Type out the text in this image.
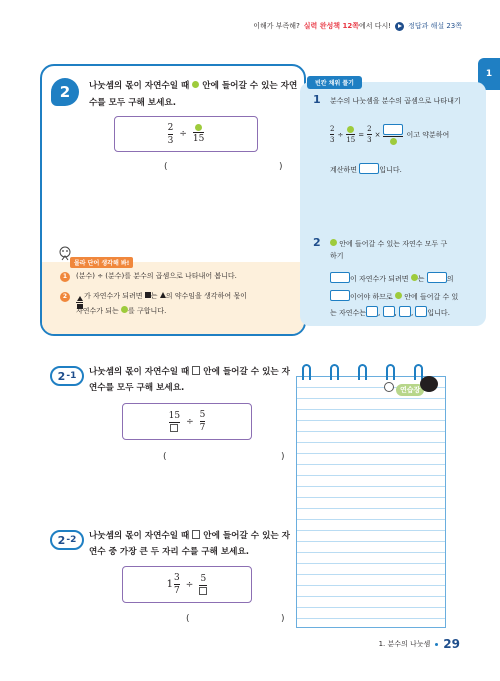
이해가 부족해? 실력 완성책 12쪽 에서 다시! 정답과 해설 23쪽
1
2	나눗셈의 몫이 자연수일 때  안에 들어갈 수 있는 자연수를 모두 구해 보세요.
$\frac{2}{3} \div 15$
(	)
몰라 단어 생각해 봐!
1 (분수) ÷ (분수)를 분수의 곱셈으로 나타내어 봅니다.
2 가 자연수가 되려면 는 의 약수임을 생각하여 몫이
자연수가 되는 를 구합니다.
빈칸 채워 풀기
1 분수의 나눗셈을 분수의 곱셈으로 나타내기
$\frac{2}{3}$ ÷
15
= $\frac{2}{3}$ ×	이고 약분하여
계산하면	입니다.
2	안에 들어갈 수 있는 자연수 모두 구
하기
이 자연수가 되려면 는	의
이어야 하므로  안에 들어갈 수 있
는 자연수는 , , , 입니다.
2 -1 나눗셈의 몫이 자연수일 때  안에 들어갈 수 있는 자연수를 모두 구해 보세요.
15
÷ $\frac{5}{7}$
(	)
2 -2 나눗셈의 몫이 자연수일 때  안에 들어갈 수 있는 자연수 중 가장 큰 두 자리 수를 구해 보세요.
$1 \frac{3}{7}$ ÷
5
(	)
연습장
1. 분수의 나눗셈 29
